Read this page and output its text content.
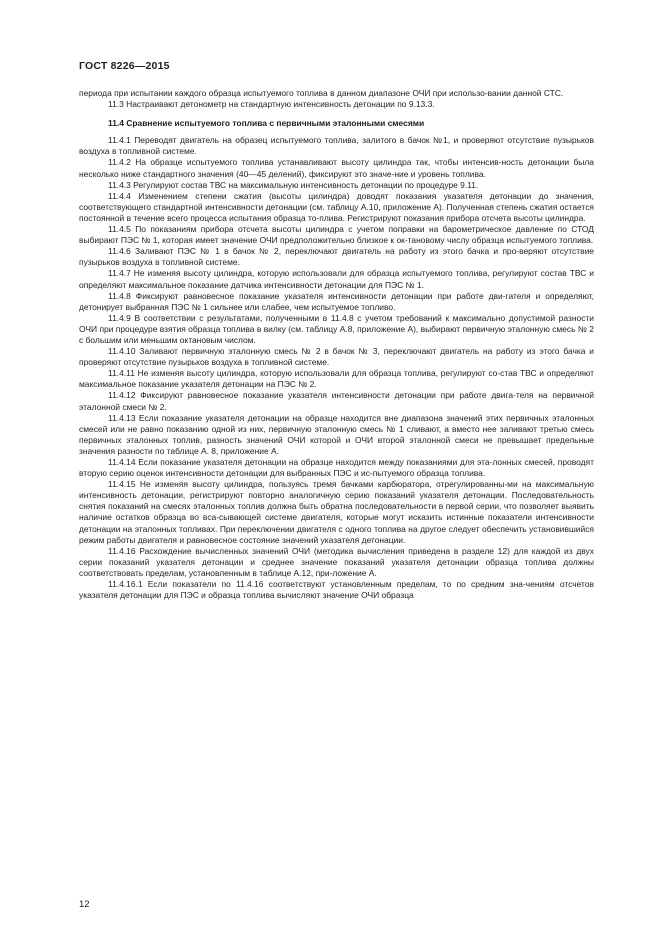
ГОСТ 8226—2015

периода при испытании каждого образца испытуемого топлива в данном диапазоне ОЧИ при использо-вании данной СТС.

11.3 Настраивают детонометр на стандартную интенсивность детонации по 9.13.3.

11.4 Сравнение испытуемого топлива с первичными эталонными смесями

11.4.1 Переводят двигатель на образец испытуемого топлива, залитого в бачок №1, и проверяют отсутствие пузырьков воздуха в топливной системе.

11.4.2 На образце испытуемого топлива устанавливают высоту цилиндра так, чтобы интенсив-ность детонации была несколько ниже стандартного значения (40—45 делений), фиксируют это значе-ние и уровень топлива.

11.4.3 Регулируют состав ТВС на максимальную интенсивность детонации по процедуре 9.11.

11.4.4 Изменением степени сжатия (высоты цилиндра) доводят показания указателя детонации до значения, соответствующего стандартной интенсивности детонации (см. таблицу А.10, приложение А). Полученная степень сжатия остается постоянной в течение всего процесса испытания образца то-плива. Регистрируют показания прибора отсчета высоты цилиндра.

11.4.5 По показаниям прибора отсчета высоты цилиндра с учетом поправки на барометрическое давление по СТОД выбирают ПЭС № 1, которая имеет значение ОЧИ предположительно близкое к ок-тановому числу образца испытуемого топлива.

11.4.6 Заливают ПЭС № 1 в бачок № 2, переключают двигатель на работу из этого бачка и про-веряют отсутствие пузырьков воздуха в топливной системе.

11.4.7 Не изменяя высоту цилиндра, которую использовали для образца испытуемого топлива, регулируют состав ТВС и определяют максимальное показание датчика интенсивности детонации для ПЭС № 1.

11.4.8 Фиксируют равновесное показание указателя интенсивности детонации при работе дви-гателя и определяют, детонирует выбранная ПЭС № 1 сильнее или слабее, чем испытуемое топливо.

11.4.9 В соответствии с результатами, полученными в 11.4.8 с учетом требований к максимально допустимой разности ОЧИ при процедуре взятия образца топлива в вилку (см. таблицу А.8, приложение А), выбирают первичную эталонную смесь № 2 с большим или меньшим октановым числом.

11.4.10 Заливают первичную эталонную смесь № 2 в бачок № 3, переключают двигатель на работу из этого бачка и проверяют отсутствие пузырьков воздуха в топливной системе.

11.4.11 Не изменяя высоту цилиндра, которую использовали для образца топлива, регулируют со-став ТВС и определяют максимальное показание указателя детонации на ПЭС № 2.

11.4.12 Фиксируют равновесное показание указателя интенсивности детонации при работе двига-теля на первичной эталонной смеси № 2.

11.4.13 Если показание указателя детонации на образце находится вне диапазона значений этих первичных эталонных смесей или не равно показанию одной из них, первичную эталонную смесь № 1 сливают, а вместо нее заливают третью смесь первичных эталонных топлив, разность значений ОЧИ которой и ОЧИ второй эталонной смеси не превышает предельные значения разности по таблице А. 8, приложение А.

11.4.14 Если показание указателя детонации на образце находится между показаниями для эта-лонных смесей, проводят вторую серию оценок интенсивности детонации для выбранных ПЭС и ис-пытуемого образца топлива.

11.4.15 Не изменяя высоту цилиндра, пользуясь тремя бачками карбюратора, отрегулированны-ми на максимальную интенсивность детонации, регистрируют повторно аналогичную серию показаний указателя детонации. Последовательность снятия показаний на смесях эталонных топлив должна быть обратна последовательности в первой серии, что позволяет выявить наличие остатков образца во вса-сывающей системе двигателя, которые могут исказить истинные показатели интенсивности детонации на эталонных топливах. При переключении двигателя с одного топлива на другое следует обеспечить установившийся режим работы двигателя и равновесное состояние значений указателя детонации.

11.4.16 Расхождение вычисленных значений ОЧИ (методика вычисления приведена в разделе 12) для каждой из двух серии показаний указателя детонации и среднее значение показаний указателя детонации образца топлива должны соответствовать пределам, установленным в таблице А.12, при-ложение А.

11.4.16.1 Если показатели по 11.4.16 соответствуют установленным пределам, то по средним зна-чениям отсчетов указателя детонации для ПЭС и образца топлива вычисляют значение ОЧИ образца

12
